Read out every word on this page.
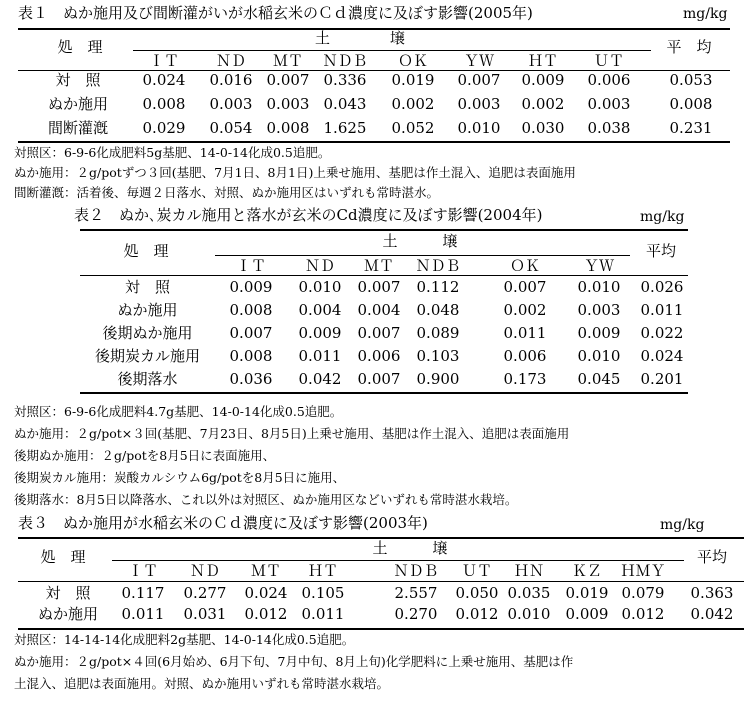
表１　ぬか施用及び間断灌がいが水稲玄米のＣｄ濃度に及ぼす影響(2005年)	mg/kg
処　理	土　　　　壌	平　均
ＩＴ	ＮＤ	ＭＴ	ＮＤＢ	ＯＫ	ＹＷ	ＨＴ	ＵＴ
対　照	0.024	0.016 0.007 0.336	0.019	0.007	0.009	0.006	0.053
ぬか施用	0.008	0.003 0.003 0.043	0.002	0.003	0.002	0.003	0.008
間断灌漑	0.029	0.054 0.008 1.625	0.052	0.010	0.030	0.038	0.231
対照区：6-9-6化成肥料5g基肥、14-0-14化成0.5追肥。
ぬか施用：２g/potずつ３回(基肥、7月1日、8月1日)上乗せ施用、基肥は作土混入、追肥は表面施用
間断灌漑：活着後、毎週２日落水、対照、ぬか施用区はいずれも常時湛水。
表２　ぬか､炭カル施用と落水が玄米のCd濃度に及ぼす影響(2004年)	mg/kg
処　理
土　　　壌
平均
ＩＴ	ＮＤ	ＭＴ	ＮＤＢ	ＯＫ	ＹＷ
対　照	0.009	0.010	0.007	0.112	0.007	0.010	0.026
ぬか施用	0.008	0.004	0.004	0.048	0.002	0.003	0.011
後期ぬか施用	0.007	0.009	0.007	0.089	0.011	0.009	0.022
後期炭カル施用	0.008	0.011	0.006	0.103	0.006	0.010	0.024
後期落水	0.036	0.042	0.007	0.900	0.173	0.045	0.201
対照区：6-9-6化成肥料4.7g基肥、14-0-14化成0.5追肥。
ぬか施用：２g/pot×３回(基肥、7月23日、8月5日)上乗せ施用、基肥は作土混入、追肥は表面施用
後期ぬか施用：２g/potを8月5日に表面施用、
後期炭カル施用：炭酸カルシウム6g/potを8月5日に施用、
後期落水：8月5日以降落水、これ以外は対照区、ぬか施用区などいずれも常時湛水栽培。
表３　ぬか施用が水稲玄米のＣｄ濃度に及ぼす影響(2003年)	mg/kg
処　理	土　　　壌	平均
ＩＴ	ＮＤ	ＭＴ	ＨＴ	ＮＤＢ	ＵＴ	ＨＮ	ＫＺ	ＨＭＹ
対　照	0.117	0.277	0.024 0.105	2.557	0.050 0.035	0.019 0.079	0.363
ぬか施用	0.011	0.031	0.012 0.011	0.270	0.012 0.010	0.009 0.012	0.042
対照区：14-14-14化成肥料2g基肥、14-0-14化成0.5追肥。
ぬか施用：２g/pot×４回(6月始め、6月下旬、7月中旬、8月上旬)化学肥料に上乗せ施用、基肥は作
土混入、追肥は表面施用。対照、ぬか施用いずれも常時湛水栽培。
